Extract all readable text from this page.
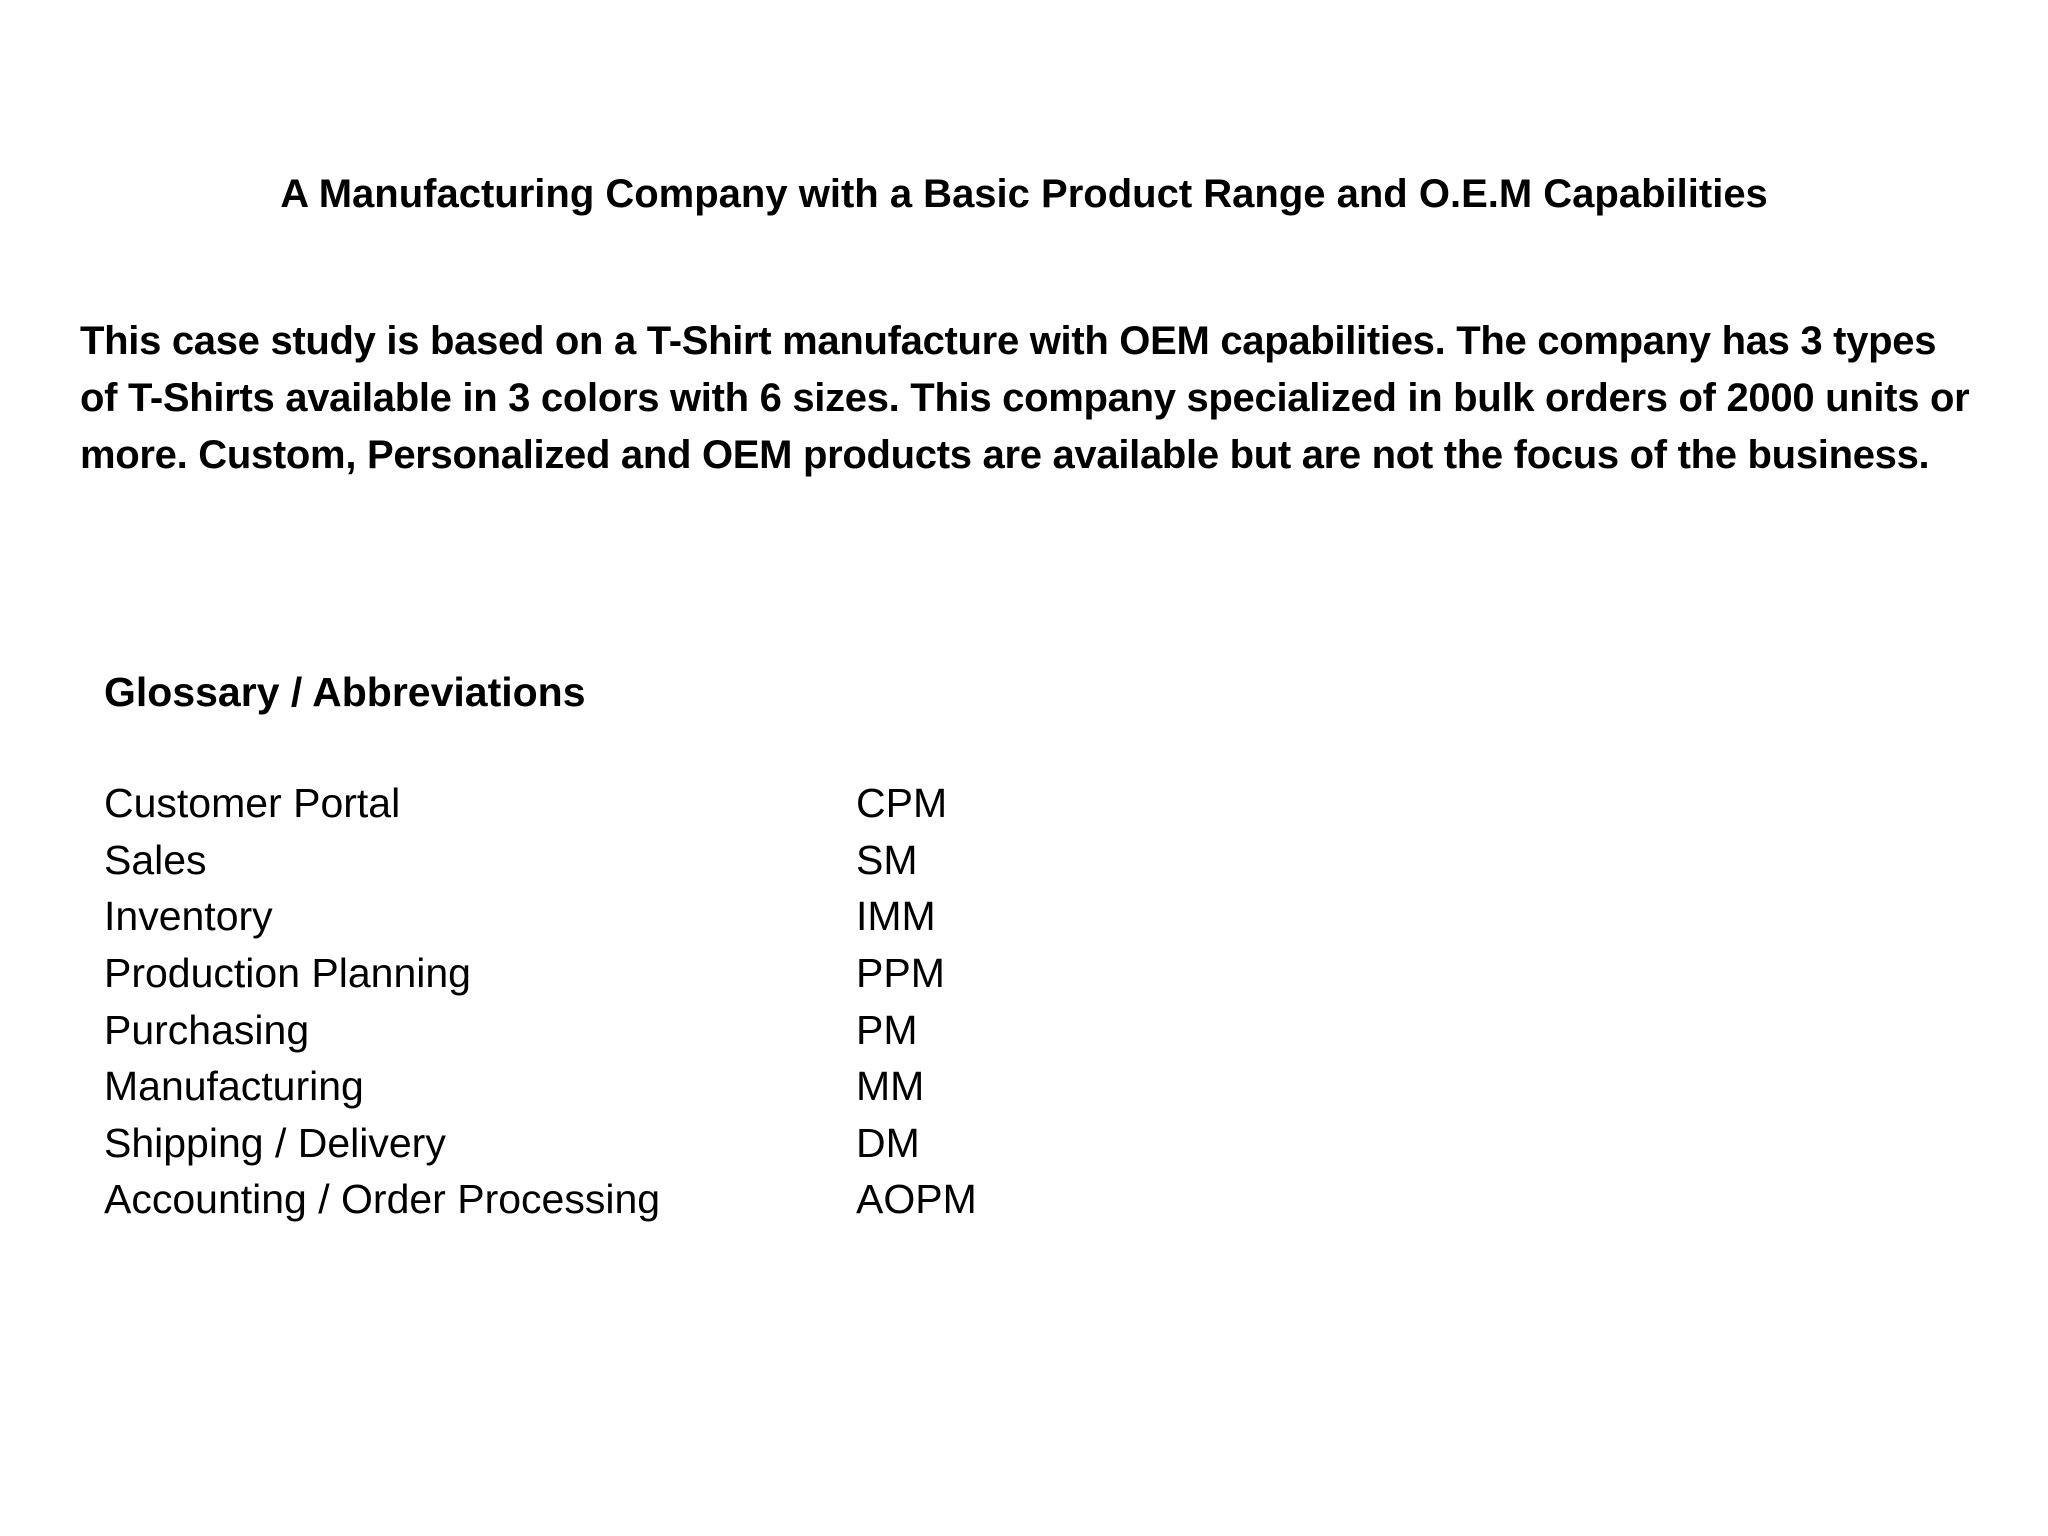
A Manufacturing Company with a Basic Product Range and O.E.M Capabilities

This case study is based on a T-Shirt manufacture with OEM capabilities. The company has 3 types of T-Shirts available in 3 colors with 6 sizes. This company specialized in bulk orders of 2000 units or more. Custom, Personalized and OEM products are available but are not the focus of the business.

Glossary / Abbreviations
Customer Portal	CPM
Sales	SM
Inventory	IMM
Production Planning	PPM
Purchasing	PM
Manufacturing	MM
Shipping / Delivery	DM
Accounting / Order Processing	AOPM
